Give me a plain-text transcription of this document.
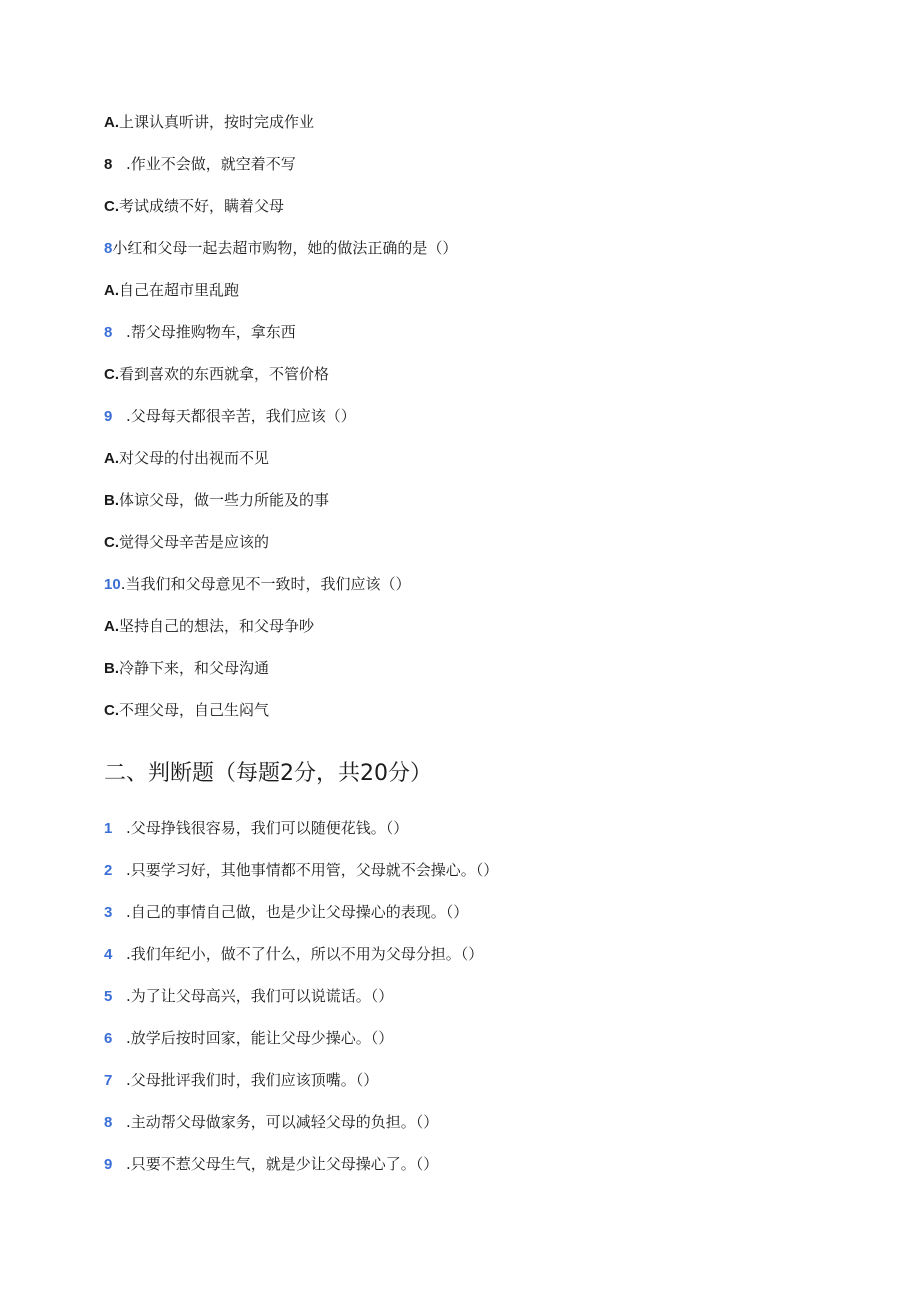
A.上课认真听讲，按时完成作业
8 .作业不会做，就空着不写
C.考试成绩不好，瞒着父母
8小红和父母一起去超市购物，她的做法正确的是（）
A.自己在超市里乱跑
8 .帮父母推购物车，拿东西
C.看到喜欢的东西就拿，不管价格
9 .父母每天都很辛苦，我们应该（）
A.对父母的付出视而不见
B.体谅父母，做一些力所能及的事
C.觉得父母辛苦是应该的
10.当我们和父母意见不一致时，我们应该（）
A.坚持自己的想法，和父母争吵
B.冷静下来，和父母沟通
C.不理父母，自己生闷气
二、判断题（每题2分，共20分）
1 .父母挣钱很容易，我们可以随便花钱。（）
2 .只要学习好，其他事情都不用管，父母就不会操心。（）
3 .自己的事情自己做，也是少让父母操心的表现。（）
4 .我们年纪小，做不了什么，所以不用为父母分担。（）
5 .为了让父母高兴，我们可以说谎话。（）
6 .放学后按时回家，能让父母少操心。（）
7 .父母批评我们时，我们应该顶嘴。（）
8 .主动帮父母做家务，可以减轻父母的负担。（）
9 .只要不惹父母生气，就是少让父母操心了。（）
